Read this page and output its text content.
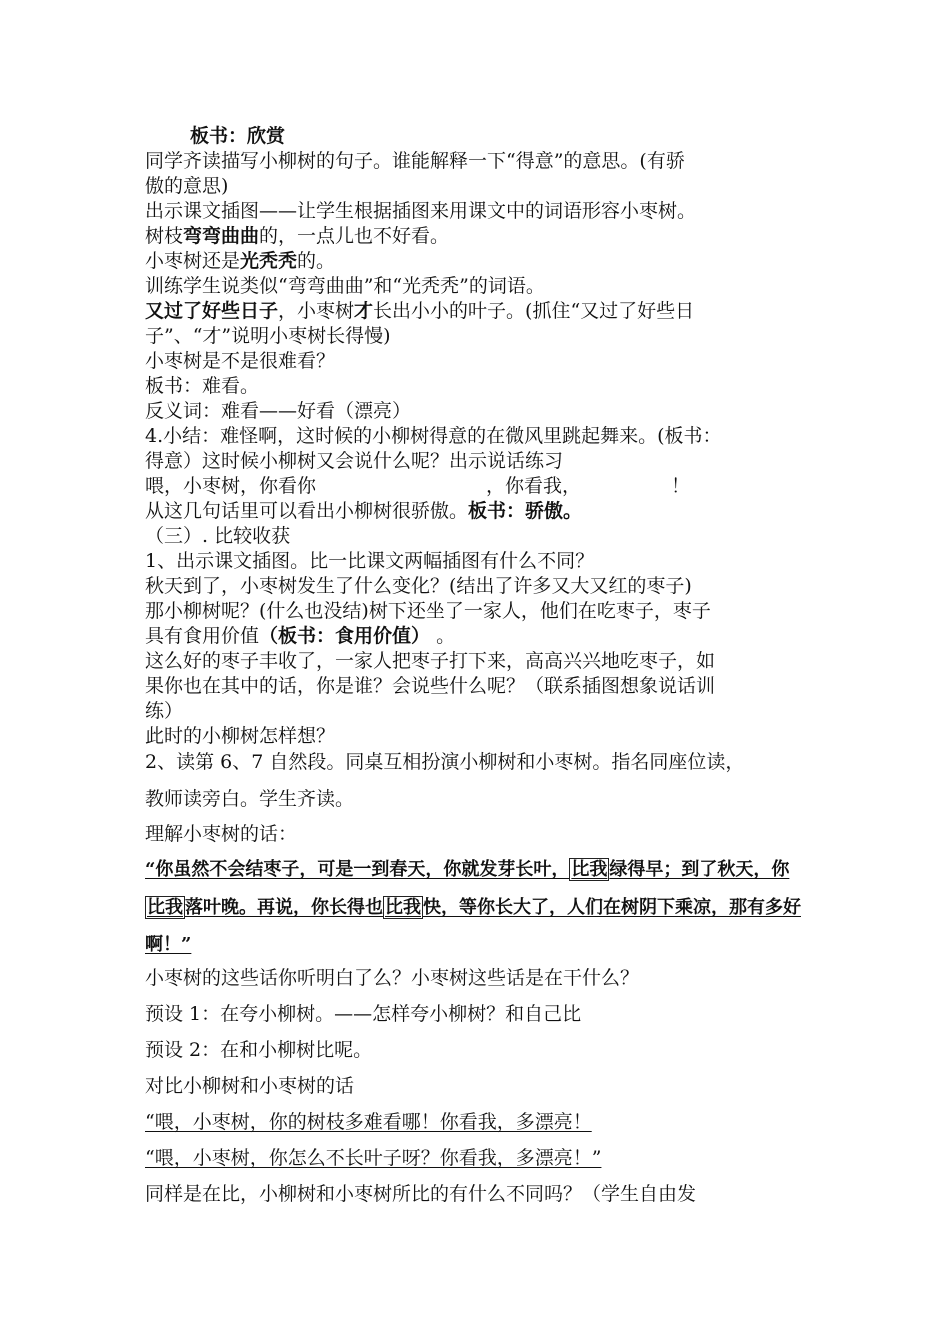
板书：欣赏
同学齐读描写小柳树的句子。谁能解释一下“得意”的意思。(有骄
傲的意思)
出示课文插图——让学生根据插图来用课文中的词语形容小枣树。
树枝弯弯曲曲的，一点儿也不好看。
小枣树还是光秃秃的。
训练学生说类似“弯弯曲曲”和“光秃秃”的词语。
又过了好些日子，小枣树才长出小小的叶子。(抓住“又过了好些日
子”、“才”说明小枣树长得慢)
小枣树是不是很难看？
板书：难看。
反义词：难看——好看（漂亮）
4.小结：难怪啊，这时候的小柳树得意的在微风里跳起舞来。(板书：
得意）这时候小柳树又会说什么呢？出示说话练习
喂，小枣树，你看你	，你看我，	！
从这几句话里可以看出小柳树很骄傲。板书：骄傲。
（三）. 比较收获
1、出示课文插图。比一比课文两幅插图有什么不同？
秋天到了，小枣树发生了什么变化？(结出了许多又大又红的枣子)
那小柳树呢？(什么也没结)树下还坐了一家人，他们在吃枣子，枣子
具有食用价值（板书：食用价值） 。
这么好的枣子丰收了，一家人把枣子打下来，高高兴兴地吃枣子，如
果你也在其中的话，你是谁？会说些什么呢？（联系插图想象说话训
练）
此时的小柳树怎样想？
2、读第 6、7 自然段。同桌互相扮演小柳树和小枣树。指名同座位读，
教师读旁白。学生齐读。
理解小枣树的话：
“你虽然不会结枣子，可是一到春天，你就发芽长叶， 比我 绿得早；到了秋天，你
比我 落叶晚。再说，你长得也 比我 快，等你长大了，人们在树阴下乘凉，那有多好
啊！”
小枣树的这些话你听明白了么？小枣树这些话是在干什么？
预设 1：在夸小柳树。——怎样夸小柳树？和自己比
预设 2：在和小柳树比呢。
对比小柳树和小枣树的话
“喂，小枣树，你的树枝多难看哪！你看我，多漂亮！
“喂，小枣树，你怎么不长叶子呀？你看我，多漂亮！”
同样是在比，小柳树和小枣树所比的有什么不同吗？（学生自由发
